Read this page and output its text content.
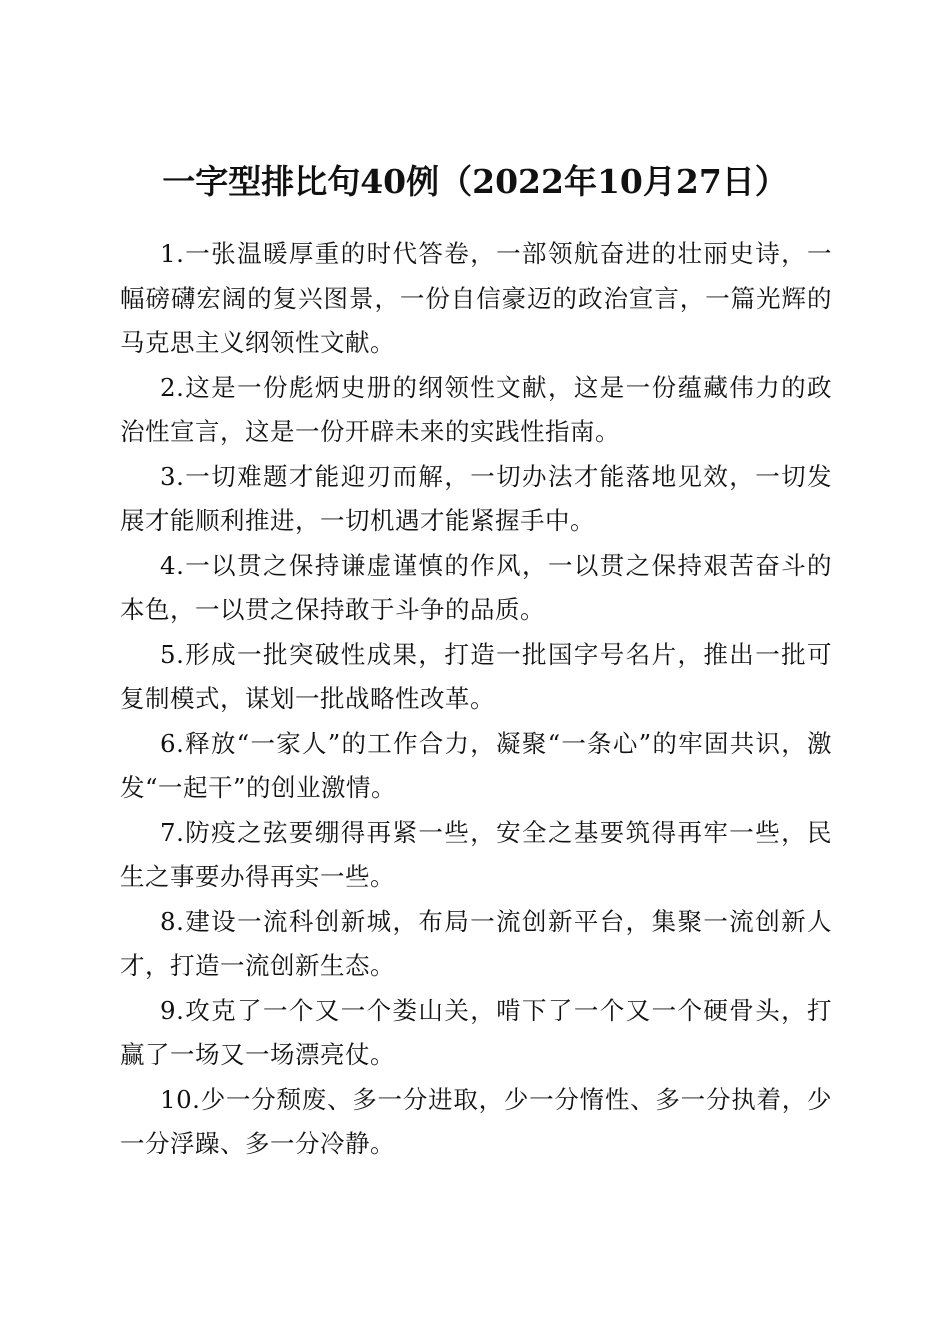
一字型排比句40例（2022年10月27日）

1.一张温暖厚重的时代答卷，一部领航奋进的壮丽史诗，一幅磅礴宏阔的复兴图景，一份自信豪迈的政治宣言，一篇光辉的马克思主义纲领性文献。

2.这是一份彪炳史册的纲领性文献，这是一份蕴藏伟力的政治性宣言，这是一份开辟未来的实践性指南。

3.一切难题才能迎刃而解，一切办法才能落地见效，一切发展才能顺利推进，一切机遇才能紧握手中。

4.一以贯之保持谦虚谨慎的作风，一以贯之保持艰苦奋斗的本色，一以贯之保持敢于斗争的品质。

5.形成一批突破性成果，打造一批国字号名片，推出一批可复制模式，谋划一批战略性改革。

6.释放“一家人”的工作合力，凝聚“一条心”的牢固共识，激发“一起干”的创业激情。

7.防疫之弦要绷得再紧一些，安全之基要筑得再牢一些，民生之事要办得再实一些。

8.建设一流科创新城，布局一流创新平台，集聚一流创新人才，打造一流创新生态。

9.攻克了一个又一个娄山关，啃下了一个又一个硬骨头，打赢了一场又一场漂亮仗。

10.少一分颓废、多一分进取，少一分惰性、多一分执着，少一分浮躁、多一分冷静。
